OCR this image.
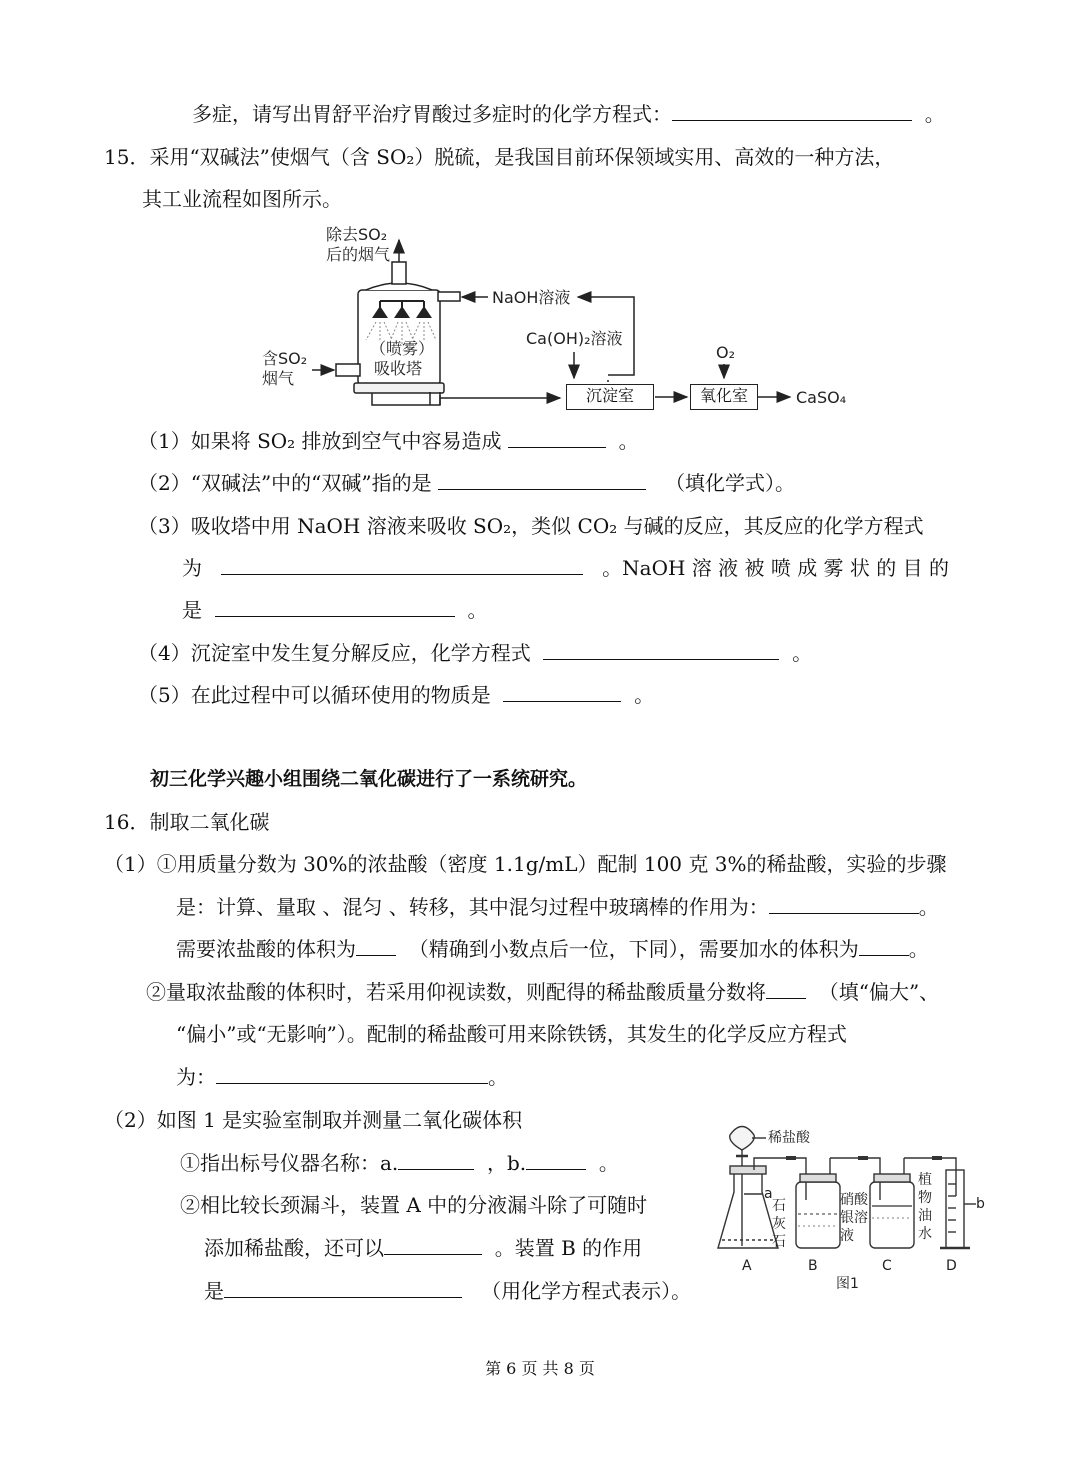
多症，请写出胃舒平治疗胃酸过多症时的化学方程式：	。
15．采用“双碱法”使烟气（含 SO₂）脱硫，是我国目前环保领域实用、高效的一种方法，
其工业流程如图所示。
除去SO₂
后的烟气
NaOH溶液
Ca(OH)₂溶液
O₂
（喷雾）
吸收塔
含SO₂
烟气
沉淀室	氧化室	CaSO₄
（1）如果将 SO₂ 排放到空气中容易造成	。
（2）“双碱法”中的“双碱”指的是	（填化学式）。
（3）吸收塔中用 NaOH 溶液来吸收 SO₂，类似 CO₂ 与碱的反应，其反应的化学方程式
为	。NaOH 溶 液 被 喷 成 雾 状 的 目 的
是	。
（4）沉淀室中发生复分解反应，化学方程式	。
（5）在此过程中可以循环使用的物质是	。
初三化学兴趣小组围绕二氧化碳进行了一系统研究。
16．制取二氧化碳
（1）①用质量分数为 30%的浓盐酸（密度 1.1g/mL）配制 100 克 3%的稀盐酸，实验的步骤
是：计算、量取 、混匀 、转移，其中混匀过程中玻璃棒的作用为：	。
需要浓盐酸的体积为	（精确到小数点后一位，下同），需要加水的体积为	。
②量取浓盐酸的体积时，若采用仰视读数，则配得的稀盐酸质量分数将	（填“偏大”、
“偏小”或“无影响”）。配制的稀盐酸可用来除铁锈，其发生的化学反应方程式
为：	。
（2）如图 1 是实验室制取并测量二氧化碳体积
①指出标号仪器名称：a.	，b.	。
②相比较长颈漏斗，装置 A 中的分液漏斗除了可随时
添加稀盐酸，还可以	。装置 B 的作用
是	（用化学方程式表示）。
稀盐酸
a
b
石
灰
石
硝酸
银溶
液
植
物
油
水
A	B	C	D
图1
第 6 页 共 8 页
